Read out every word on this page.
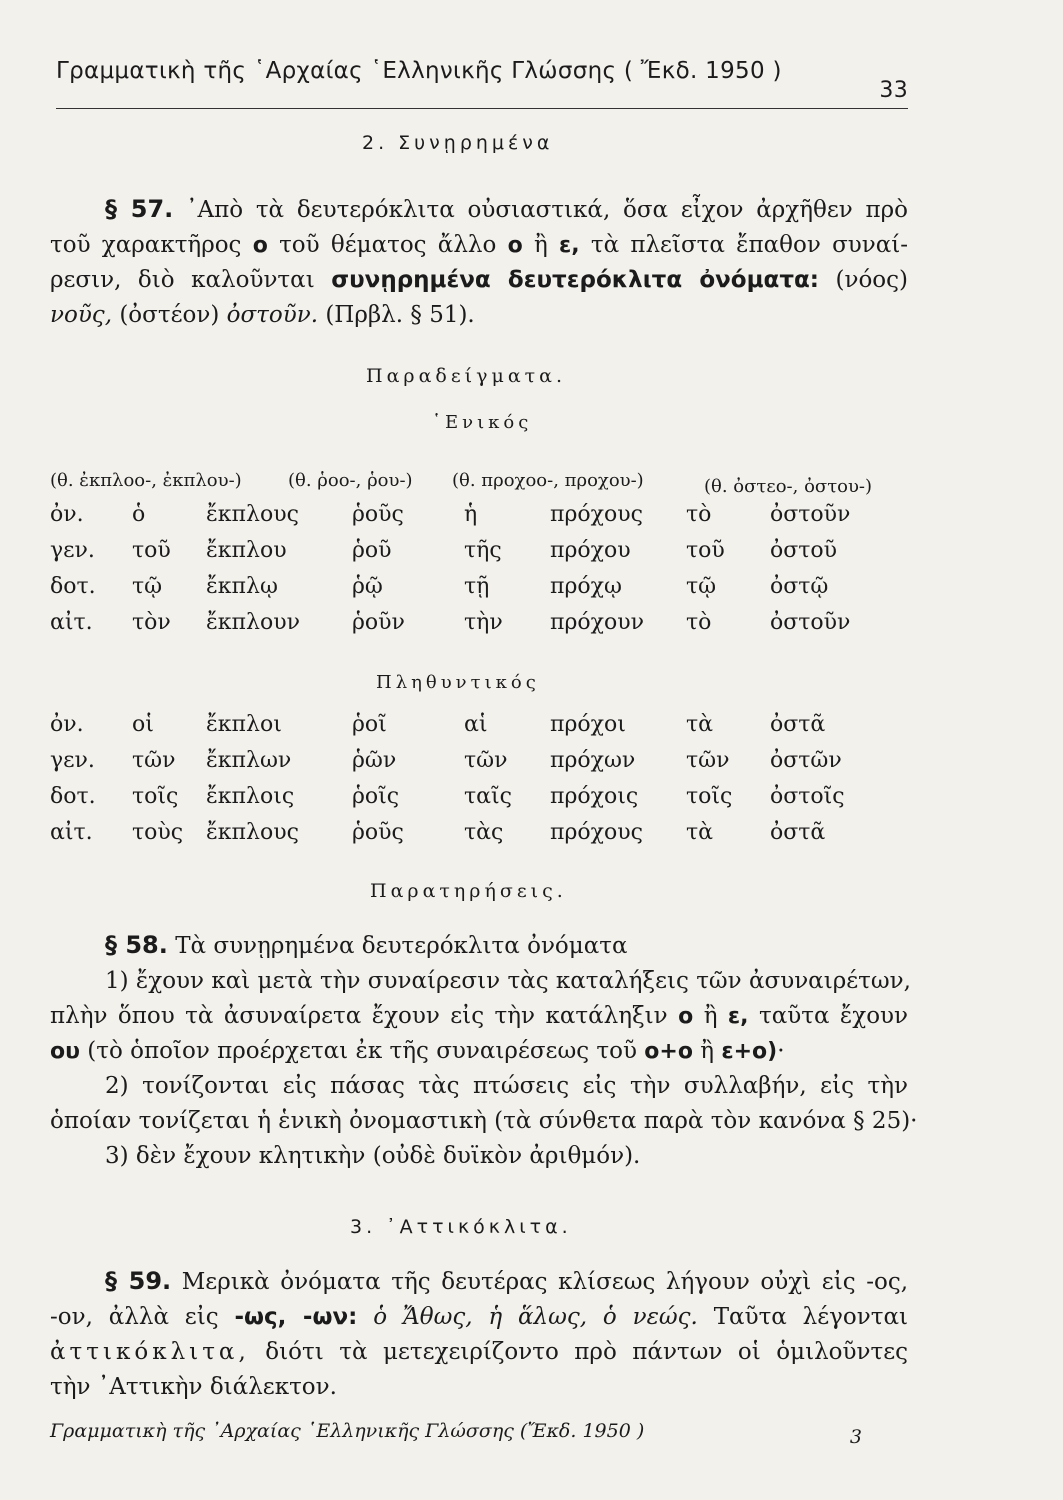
Γραμματικὴ τῆς ῾Αρχαίας ῾Ελληνικῆς Γλώσσης ( Ἔκδ. 1950 )
33
2. Συνῃρημένα
§ 57. ᾿Απὸ τὰ δευτερόκλιτα οὐσιαστικά, ὅσα εἶχον ἀρχῆθεν πρὸ
τοῦ χαρακτῆρος ο τοῦ θέματος ἄλλο ο ἢ ε, τὰ πλεῖστα ἔπαθον συναί-
ρεσιν, διὸ καλοῦνται συνῃρημένα δευτερόκλιτα ὀνόματα: (νόος)
νοῦς, (ὀστέον) ὀστοῦν. (Πρβλ. § 51).
Παραδείγματα.
῾Ενικός
(θ. ἐκπλοο-, ἐκπλου-)	(θ. ῥοο-, ῥου-) (θ. προχοο-, προχου-)	(θ. ὀστεο-, ὀστου-)
ὀν.	ὁ	ἔκπλους	ῥοῦς	ἡ	πρόχους	τὸ	ὀστοῦν
γεν.	τοῦ	ἔκπλου	ῥοῦ	τῆς	πρόχου	τοῦ	ὀστοῦ
δοτ.	τῷ	ἔκπλῳ	ῥῷ	τῇ	πρόχῳ	τῷ	ὀστῷ
αἰτ.	τὸν	ἔκπλουν	ῥοῦν	τὴν	πρόχουν	τὸ	ὀστοῦν
Πληθυντικός
ὀν.	οἱ	ἔκπλοι	ῥοῖ	αἱ	πρόχοι	τὰ	ὀστᾶ
γεν.	τῶν	ἔκπλων	ῥῶν	τῶν	πρόχων	τῶν	ὀστῶν
δοτ.	τοῖς	ἔκπλοις	ῥοῖς	ταῖς	πρόχοις	τοῖς	ὀστοῖς
αἰτ.	τοὺς	ἔκπλους	ῥοῦς	τὰς	πρόχους	τὰ	ὀστᾶ
Παρατηρήσεις.
§ 58. Τὰ συνῃρημένα δευτερόκλιτα ὀνόματα
1) ἔχουν καὶ μετὰ τὴν συναίρεσιν τὰς καταλήξεις τῶν ἀσυναιρέτων,
πλὴν ὅπου τὰ ἀσυναίρετα ἔχουν εἰς τὴν κατάληξιν ο ἢ ε, ταῦτα ἔχουν
ου (τὸ ὁποῖον προέρχεται ἐκ τῆς συναιρέσεως τοῦ ο+ο ἢ ε+ο)·
2) τονίζονται εἰς πάσας τὰς πτώσεις εἰς τὴν συλλαβήν, εἰς τὴν
ὁποίαν τονίζεται ἡ ἑνικὴ ὀνομαστικὴ (τὰ σύνθετα παρὰ τὸν κανόνα § 25)·
3) δὲν ἔχουν κλητικὴν (οὐδὲ δυϊκὸν ἀριθμόν).
3. ᾿Αττικόκλιτα.
§ 59. Μερικὰ ὀνόματα τῆς δευτέρας κλίσεως λήγουν οὐχὶ εἰς -ος,
-ον, ἀλλὰ εἰς -ως, -ων: ὁ Ἄθως, ἡ ἅλως, ὁ νεώς. Ταῦτα λέγονται
ἀττικόκλιτα, διότι τὰ μετεχειρίζοντο πρὸ πάντων οἱ ὁμιλοῦντες
τὴν ᾿Αττικὴν διάλεκτον.
Γραμματικὴ τῆς ᾿Αρχαίας ῾Ελληνικῆς Γλώσσης (Ἔκδ. 1950 )	3
